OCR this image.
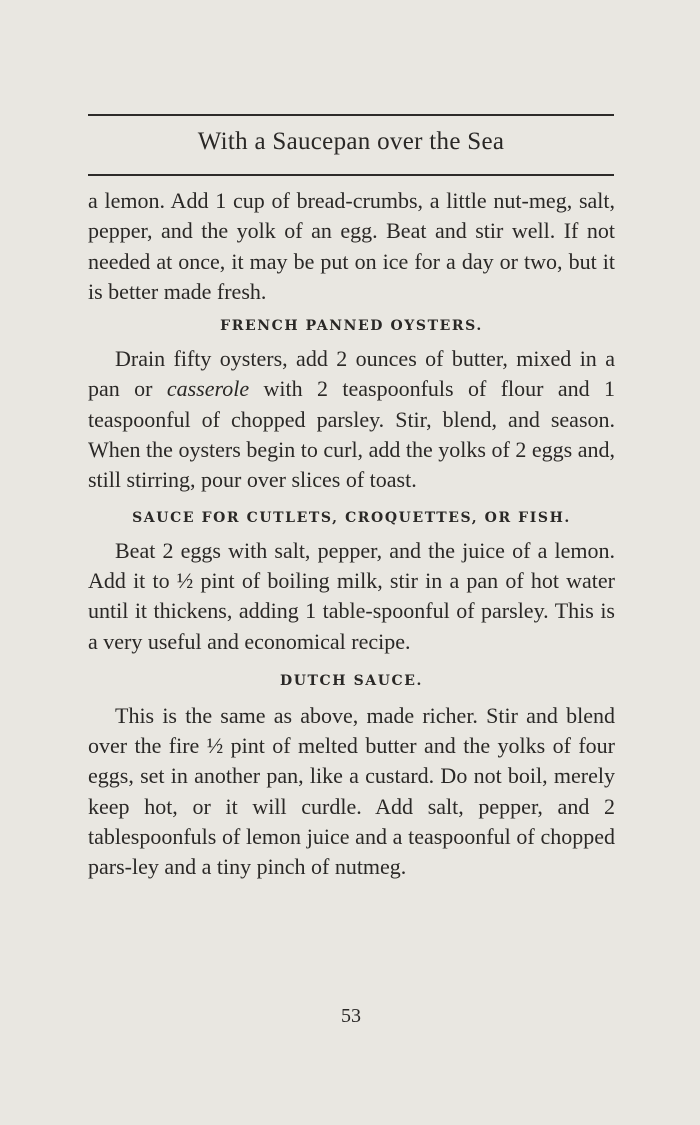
With a Saucepan over the Sea

a lemon. Add 1 cup of bread-crumbs, a little nut-meg, salt, pepper, and the yolk of an egg. Beat and stir well. If not needed at once, it may be put on ice for a day or two, but it is better made fresh.

FRENCH PANNED OYSTERS.

Drain fifty oysters, add 2 ounces of butter, mixed in a pan or casserole with 2 teaspoonfuls of flour and 1 teaspoonful of chopped parsley. Stir, blend, and season. When the oysters begin to curl, add the yolks of 2 eggs and, still stirring, pour over slices of toast.

SAUCE FOR CUTLETS, CROQUETTES, OR FISH.

Beat 2 eggs with salt, pepper, and the juice of a lemon. Add it to ½ pint of boiling milk, stir in a pan of hot water until it thickens, adding 1 table-spoonful of parsley. This is a very useful and economical recipe.

DUTCH SAUCE.

This is the same as above, made richer. Stir and blend over the fire ½ pint of melted butter and the yolks of four eggs, set in another pan, like a custard. Do not boil, merely keep hot, or it will curdle. Add salt, pepper, and 2 tablespoonfuls of lemon juice and a teaspoonful of chopped pars-ley and a tiny pinch of nutmeg.

53
